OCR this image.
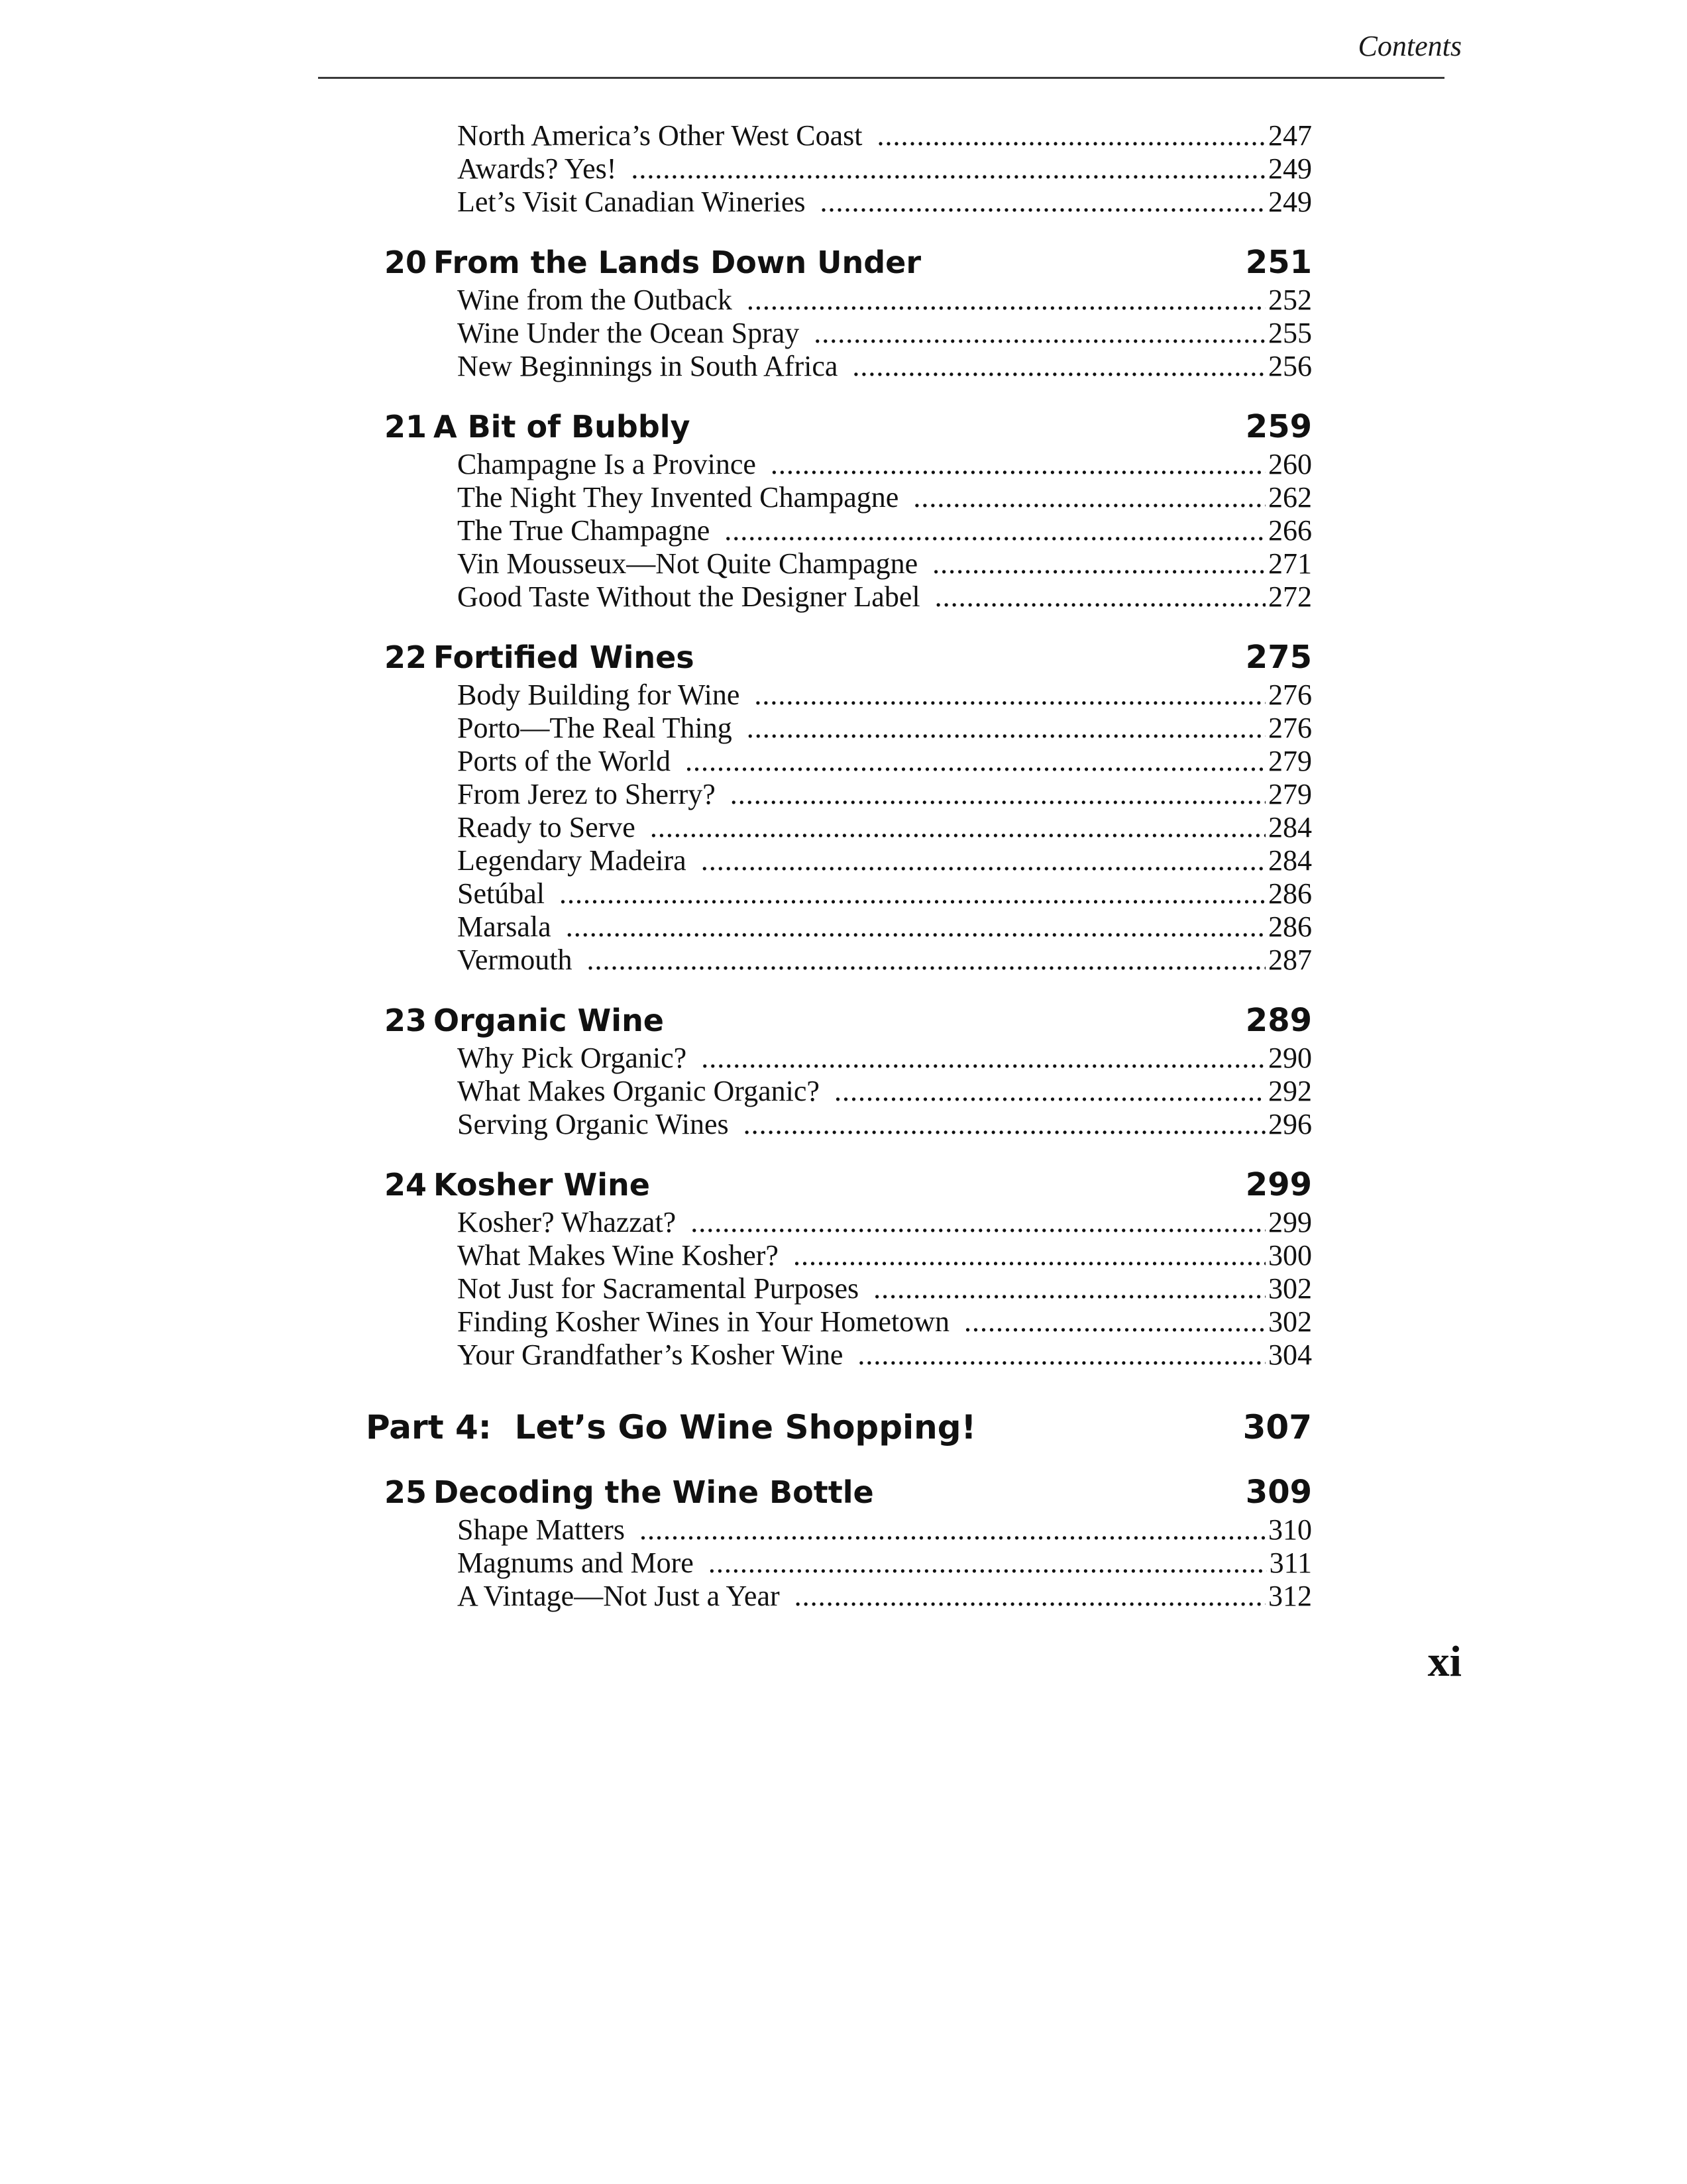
Contents
North America’s Other West Coast .....	247
Awards? Yes! .....	249
Let’s Visit Canadian Wineries .....	249
20 From the Lands Down Under	251
Wine from the Outback .....	252
Wine Under the Ocean Spray .....	255
New Beginnings in South Africa .....	256
21 A Bit of Bubbly	259
Champagne Is a Province .....	260
The Night They Invented Champagne .....	262
The True Champagne .....	266
Vin Mousseux—Not Quite Champagne .....	271
Good Taste Without the Designer Label .....	272
22 Fortified Wines	275
Body Building for Wine .....	276
Porto—The Real Thing .....	276
Ports of the World .....	279
From Jerez to Sherry? .....	279
Ready to Serve .....	284
Legendary Madeira .....	284
Setúbal .....	286
Marsala .....	286
Vermouth .....	287
23 Organic Wine	289
Why Pick Organic? .....	290
What Makes Organic Organic? .....	292
Serving Organic Wines .....	296
24 Kosher Wine	299
Kosher? Whazzat? .....	299
What Makes Wine Kosher? .....	300
Not Just for Sacramental Purposes .....	302
Finding Kosher Wines in Your Hometown .....	302
Your Grandfather’s Kosher Wine .....	304
Part 4: Let’s Go Wine Shopping!	307
25 Decoding the Wine Bottle	309
Shape Matters .....	310
Magnums and More .....	311
A Vintage—Not Just a Year .....	312
xi
